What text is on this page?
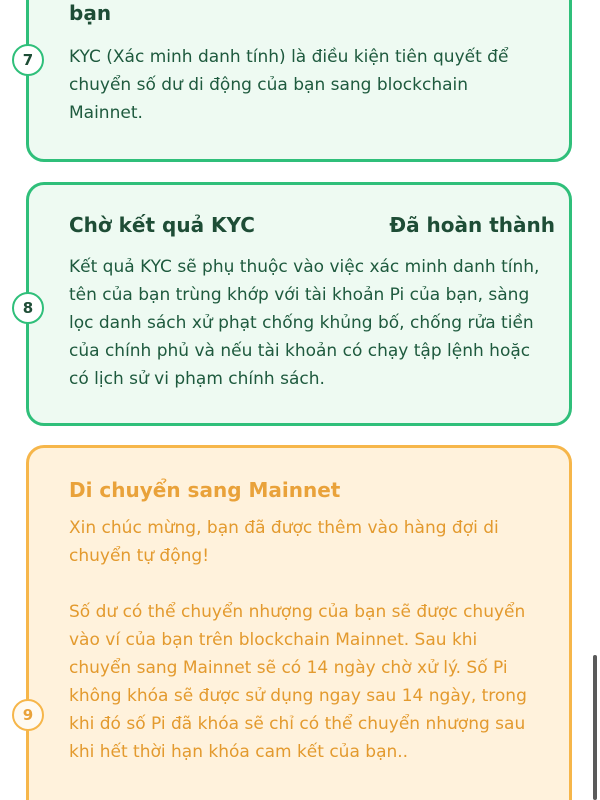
bạn
7	KYC (Xác minh danh tính) là điều kiện tiên quyết để chuyển số dư di động của bạn sang blockchain Mainnet.

Chờ kết quả KYC	Đã hoàn thành
8

Kết quả KYC sẽ phụ thuộc vào việc xác minh danh tính, tên của bạn trùng khớp với tài khoản Pi của bạn, sàng lọc danh sách xử phạt chống khủng bố, chống rửa tiền của chính phủ và nếu tài khoản có chạy tập lệnh hoặc có lịch sử vi phạm chính sách.

Di chuyển sang Mainnet
9

Xin chúc mừng, bạn đã được thêm vào hàng đợi di chuyển tự động!

Số dư có thể chuyển nhượng của bạn sẽ được chuyển vào ví của bạn trên blockchain Mainnet. Sau khi chuyển sang Mainnet sẽ có 14 ngày chờ xử lý. Số Pi không khóa sẽ được sử dụng ngay sau 14 ngày, trong khi đó số Pi đã khóa sẽ chỉ có thể chuyển nhượng sau khi hết thời hạn khóa cam kết của bạn..
